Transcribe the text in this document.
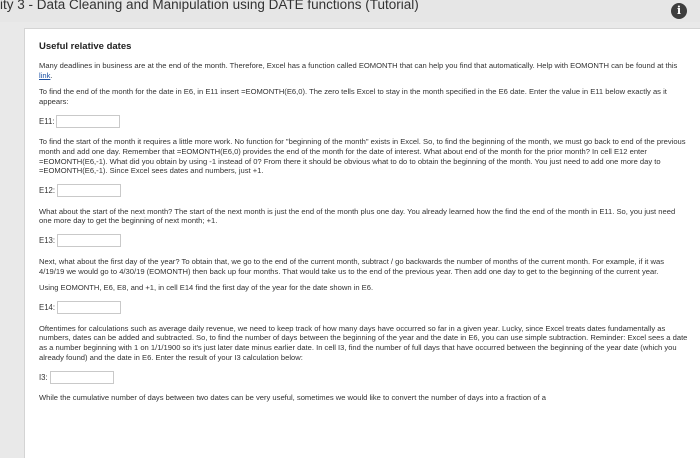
ity 3 - Data Cleaning and Manipulation using DATE functions (Tutorial)	i
Useful relative dates

Many deadlines in business are at the end of the month. Therefore, Excel has a function called EOMONTH that can help you find that automatically. Help with EOMONTH can be found at this link.

To find the end of the month for the date in E6, in E11 insert =EOMONTH(E6,0). The zero tells Excel to stay in the month specified in the E6 date. Enter the value in E11 below exactly as it appears:

E11:

To find the start of the month it requires a little more work. No function for "beginning of the month" exists in Excel. So, to find the beginning of the month, we must go back to end of the previous month and add one day. Remember that =EOMONTH(E6,0) provides the end of the month for the date of interest. What about end of the month for the prior month? In cell E12 enter =EOMONTH(E6,-1). What did you obtain by using -1 instead of 0? From there it should be obvious what to do to obtain the beginning of the month. You just need to add one more day to =EOMONTH(E6,-1). Since Excel sees dates and numbers, just +1.

E12:

What about the start of the next month? The start of the next month is just the end of the month plus one day. You already learned how the find the end of the month in E11. So, you just need one more day to get the beginning of next month; +1.

E13:

Next, what about the first day of the year? To obtain that, we go to the end of the current month, subtract / go backwards the number of months of the current month. For example, if it was 4/19/19 we would go to 4/30/19 (EOMONTH) then back up four months. That would take us to the end of the previous year. Then add one day to get to the beginning of the current year.

Using EOMONTH, E6, E8, and +1, in cell E14 find the first day of the year for the date shown in E6.

E14:

Oftentimes for calculations such as average daily revenue, we need to keep track of how many days have occurred so far in a given year. Lucky, since Excel treats dates fundamentally as numbers, dates can be added and subtracted. So, to find the number of days between the beginning of the year and the date in E6, you can use simple subtraction. Reminder: Excel sees a date as a number beginning with 1 on 1/1/1900 so it's just later date minus earlier date. In cell I3, find the number of full days that have occurred between the beginning of the year date (which you already found) and the date in E6. Enter the result of your I3 calculation below:

I3:

While the cumulative number of days between two dates can be very useful, sometimes we would like to convert the number of days into a fraction of a
